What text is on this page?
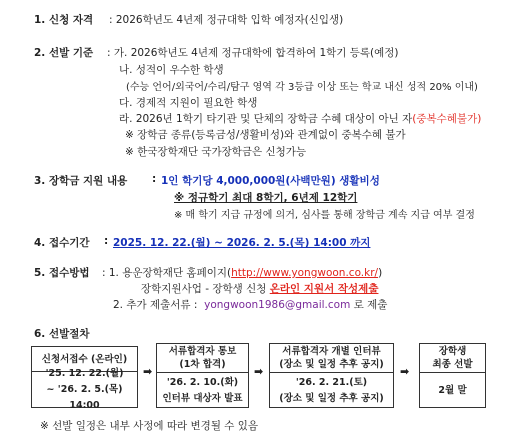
1. 신청 자격 : 2026학년도 4년제 정규대학 입학 예정자(신입생)
2. 선발 기준 : 가. 2026학년도 4년제 정규대학에 합격하여 1학기 등록(예정)
나. 성적이 우수한 학생
(수능 언어/외국어/수리/탐구 영역 각 3등급 이상 또는 학교 내신 성적 20% 이내)
다. 경제적 지원이 필요한 학생
라. 2026년 1학기 타기관 및 단체의 장학금 수혜 대상이 아닌 자(중복수혜불가)
※ 장학금 종류(등록금성/생활비성)와 관계없이 중복수혜 불가
※ 한국장학재단 국가장학금은 신청가능
3. 장학금 지원 내용 : 1인 학기당 4,000,000원(사백만원) 생활비성
※ 정규학기 최대 8학기, 6년제 12학기
※ 매 학기 지급 규정에 의거, 심사를 통해 장학금 계속 지급 여부 결정
4. 접수기간 : 2025. 12. 22.(월) ~ 2026. 2. 5.(목) 14:00 까지
5. 접수방법 : 1. 용운장학재단 홈페이지(http://www.yongwoon.co.kr/)
장학지원사업 - 장학생 신청 온라인 지원서 작성제출
2. 추가 제출서류 : yongwoon1986@gmail.com 로 제출
6. 선발절차
신청서접수 (온라인)
'25. 12. 22.(월)
~ '26. 2. 5.(목) 14:00
➡
서류합격자 통보
(1차 합격)
'26. 2. 10.(화)
인터뷰 대상자 발표
➡
서류합격자 개별 인터뷰
(장소 및 일정 추후 공지)
'26. 2. 21.(토)
(장소 및 일정 추후 공지)
➡
장학생
최종 선발
2월 말
※ 선발 일정은 내부 사정에 따라 변경될 수 있음
